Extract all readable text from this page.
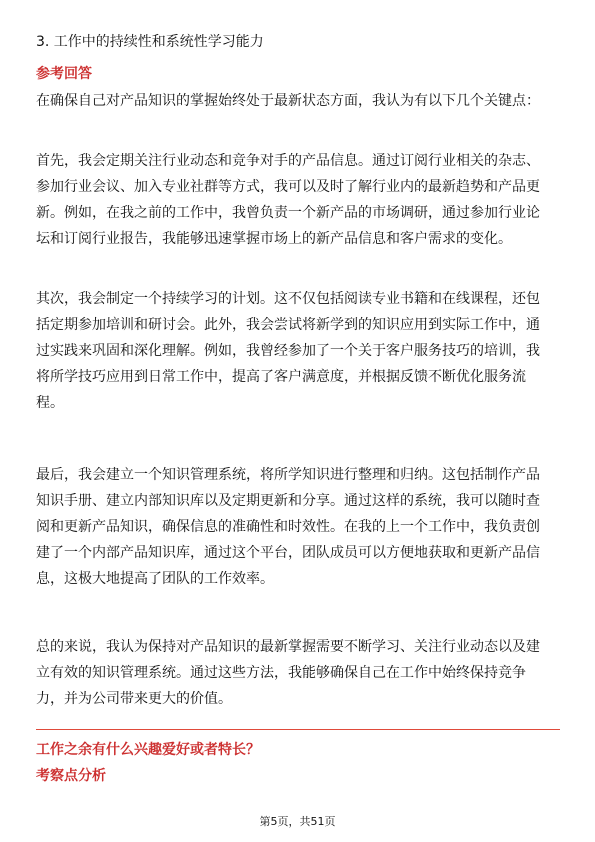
3. 工作中的持续性和系统性学习能力
参考回答
在确保自己对产品知识的掌握始终处于最新状态方面，我认为有以下几个关键点：
首先，我会定期关注行业动态和竞争对手的产品信息。通过订阅行业相关的杂志、
参加行业会议、加入专业社群等方式，我可以及时了解行业内的最新趋势和产品更
新。例如，在我之前的工作中，我曾负责一个新产品的市场调研，通过参加行业论
坛和订阅行业报告，我能够迅速掌握市场上的新产品信息和客户需求的变化。
其次，我会制定一个持续学习的计划。这不仅包括阅读专业书籍和在线课程，还包
括定期参加培训和研讨会。此外，我会尝试将新学到的知识应用到实际工作中，通
过实践来巩固和深化理解。例如，我曾经参加了一个关于客户服务技巧的培训，我
将所学技巧应用到日常工作中，提高了客户满意度，并根据反馈不断优化服务流
程。
最后，我会建立一个知识管理系统，将所学知识进行整理和归纳。这包括制作产品
知识手册、建立内部知识库以及定期更新和分享。通过这样的系统，我可以随时查
阅和更新产品知识，确保信息的准确性和时效性。在我的上一个工作中，我负责创
建了一个内部产品知识库，通过这个平台，团队成员可以方便地获取和更新产品信
息，这极大地提高了团队的工作效率。
总的来说，我认为保持对产品知识的最新掌握需要不断学习、关注行业动态以及建
立有效的知识管理系统。通过这些方法，我能够确保自己在工作中始终保持竞争
力，并为公司带来更大的价值。
工作之余有什么兴趣爱好或者特长？
考察点分析
第5页，共51页
